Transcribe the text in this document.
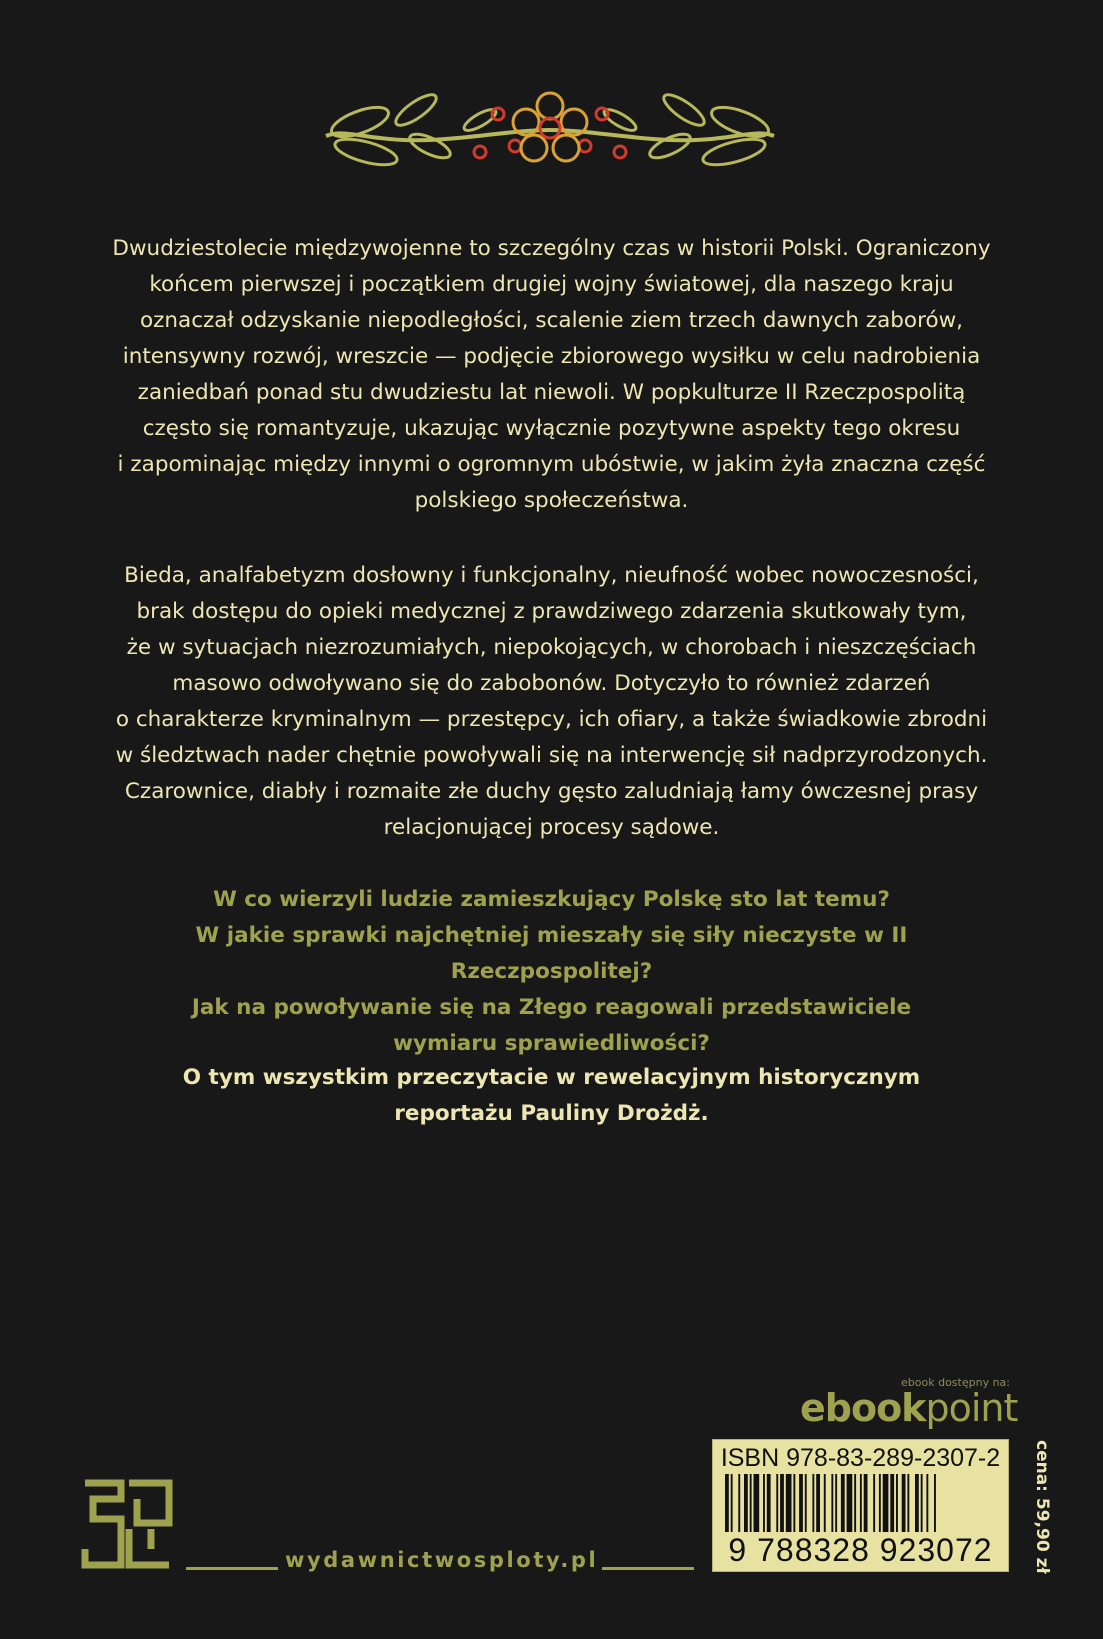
Dwudziestolecie międzywojenne to szczególny czas w historii Polski. Ograniczony

końcem pierwszej i początkiem drugiej wojny światowej, dla naszego kraju

oznaczał odzyskanie niepodległości, scalenie ziem trzech dawnych zaborów,

intensywny rozwój, wreszcie — podjęcie zbiorowego wysiłku w celu nadrobienia

zaniedbań ponad stu dwudziestu lat niewoli. W popkulturze II Rzeczpospolitą

często się romantyzuje, ukazując wyłącznie pozytywne aspekty tego okresu

i zapominając między innymi o ogromnym ubóstwie, w jakim żyła znaczna część

polskiego społeczeństwa.

Bieda, analfabetyzm dosłowny i funkcjonalny, nieufność wobec nowoczesności,

brak dostępu do opieki medycznej z prawdziwego zdarzenia skutkowały tym,

że w sytuacjach niezrozumiałych, niepokojących, w chorobach i nieszczęściach

masowo odwoływano się do zabobonów. Dotyczyło to również zdarzeń

o charakterze kryminalnym — przestępcy, ich ofiary, a także świadkowie zbrodni

w śledztwach nader chętnie powoływali się na interwencję sił nadprzyrodzonych.

Czarownice, diabły i rozmaite złe duchy gęsto zaludniają łamy ówczesnej prasy

relacjonującej procesy sądowe.

W co wierzyli ludzie zamieszkujący Polskę sto lat temu?

W jakie sprawki najchętniej mieszały się siły nieczyste w II Rzeczpospolitej?

Jak na powoływanie się na Złego reagowali przedstawiciele

wymiaru sprawiedliwości?

O tym wszystkim przeczytacie w rewelacyjnym historycznym

reportażu Pauliny Drożdż.

ebook dostępny na:
ebookpoint
ISBN 978-83-289-2307-2
9 788328 923072	cena: 59,90 zł
wydawnictwosploty.pl
